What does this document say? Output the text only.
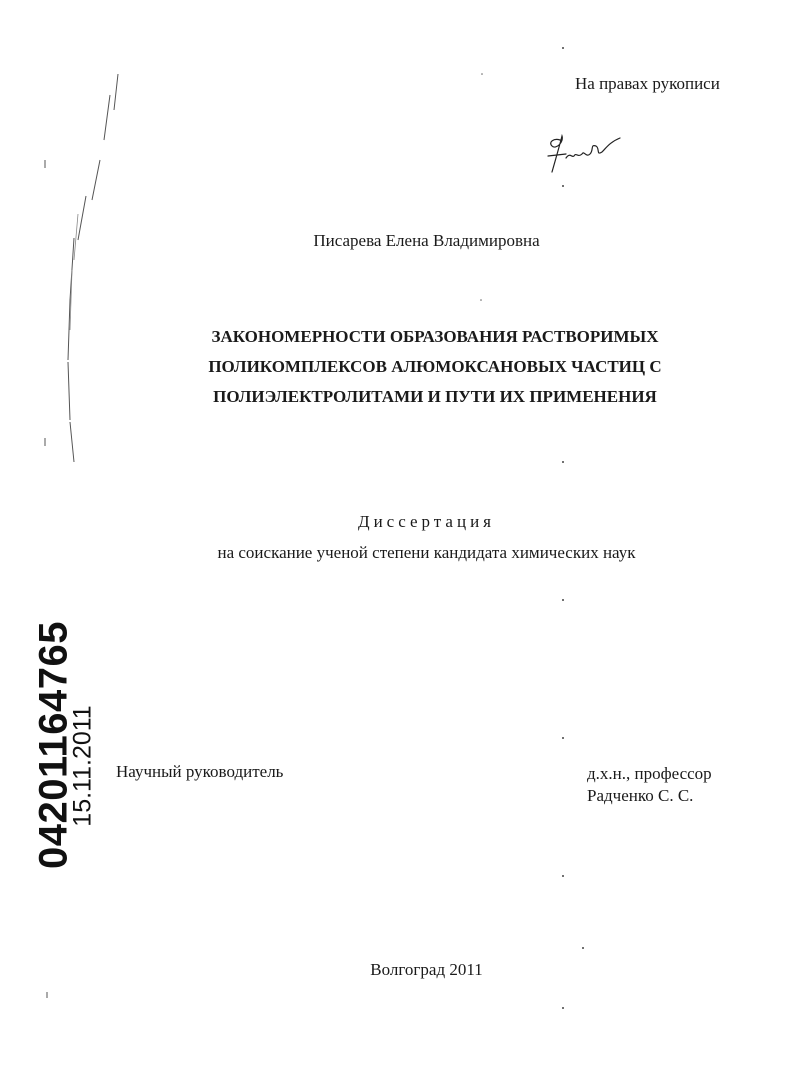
На правах рукописи
Писарева Елена Владимировна
ЗАКОНОМЕРНОСТИ ОБРАЗОВАНИЯ РАСТВОРИМЫХ
ПОЛИКОМПЛЕКСОВ АЛЮМОКСАНОВЫХ ЧАСТИЦ С
ПОЛИЭЛЕКТРОЛИТАМИ И ПУТИ ИХ ПРИМЕНЕНИЯ
Диссертация
на соискание ученой степени кандидата химических наук
Научный руководитель	д.х.н., профессор
Радченко С. С.
Волгоград 2011
04201164765
15.11.2011
